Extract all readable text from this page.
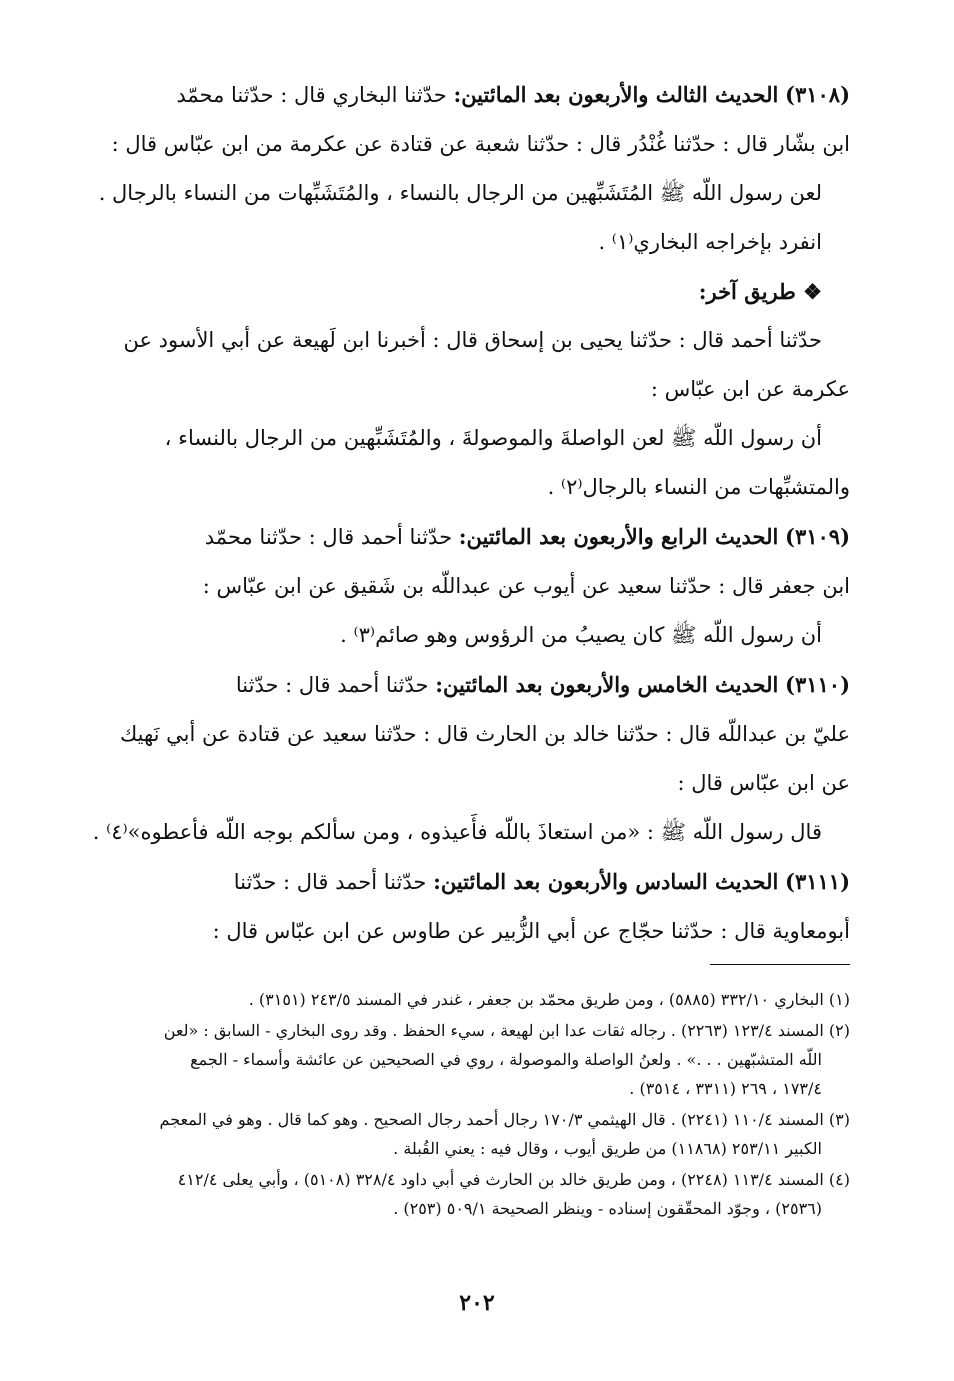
(٣١٠٨) الحديث الثالث والأربعون بعد المائتين: حدّثنا البخاري قال : حدّثنا محمّد
ابن بشّار قال : حدّثنا غُنْدُر قال : حدّثنا شعبة عن قتادة عن عكرمة من ابن عبّاس قال :
لعن رسول اللّه ﷺ المُتَشَبِّهين من الرجال بالنساء ، والمُتَشَبِّهات من النساء بالرجال .
انفرد بإخراجه البخاري⁽١⁾ .
❖ طريق آخر:
حدّثنا أحمد قال : حدّثنا يحيى بن إسحاق قال : أخبرنا ابن لَهيعة عن أبي الأسود عن
عكرمة عن ابن عبّاس :
أن رسول اللّه ﷺ لعن الواصلةَ والموصولةَ ، والمُتَشَبِّهين من الرجال بالنساء ،
والمتشبِّهات من النساء بالرجال⁽٢⁾ .
(٣١٠٩) الحديث الرابع والأربعون بعد المائتين: حدّثنا أحمد قال : حدّثنا محمّد
ابن جعفر قال : حدّثنا سعيد عن أيوب عن عبداللّه بن شَقيق عن ابن عبّاس :
أن رسول اللّه ﷺ كان يصيبُ من الرؤوس وهو صائم⁽٣⁾ .
(٣١١٠) الحديث الخامس والأربعون بعد المائتين: حدّثنا أحمد قال : حدّثنا
عليّ بن عبداللّه قال : حدّثنا خالد بن الحارث قال : حدّثنا سعيد عن قتادة عن أبي نَهيك
عن ابن عبّاس قال :
قال رسول اللّه ﷺ : «من استعاذَ باللّه فأَعيذوه ، ومن سألكم بوجه اللّه فأعطوه»⁽٤⁾ .
(٣١١١) الحديث السادس والأربعون بعد المائتين: حدّثنا أحمد قال : حدّثنا
أبومعاوية قال : حدّثنا حجّاج عن أبي الزُّبير عن طاوس عن ابن عبّاس قال :
(١) البخاري ٣٣٢/١٠ (٥٨٨٥) ، ومن طريق محمّد بن جعفر ، غندر في المسند ٢٤٣/٥ (٣١٥١) .
(٢) المسند ١٢٣/٤ (٢٢٦٣) . رجاله ثقات عدا ابن لهيعة ، سيء الحفظ . وقد روى البخاري - السابق : «لعن
اللّه المتشبّهين . . .» . ولعنُ الواصلة والموصولة ، روي في الصحيحين عن عائشة وأسماء - الجمع
١٧٣/٤ ، ٢٦٩ (٣٣١١ ، ٣٥١٤) .
(٣) المسند ١١٠/٤ (٢٢٤١) . قال الهيثمي ١٧٠/٣ رجال أحمد رجال الصحيح . وهو كما قال . وهو في المعجم
الكبير ٢٥٣/١١ (١١٨٦٨) من طريق أيوب ، وقال فيه : يعني القُبلة .
(٤) المسند ١١٣/٤ (٢٢٤٨) ، ومن طريق خالد بن الحارث في أبي داود ٣٢٨/٤ (٥١٠٨) ، وأبي يعلى ٤١٢/٤
(٢٥٣٦) ، وجوّد المحقّقون إسناده - وينظر الصحيحة ٥٠٩/١ (٢٥٣) .
٢٠٢
